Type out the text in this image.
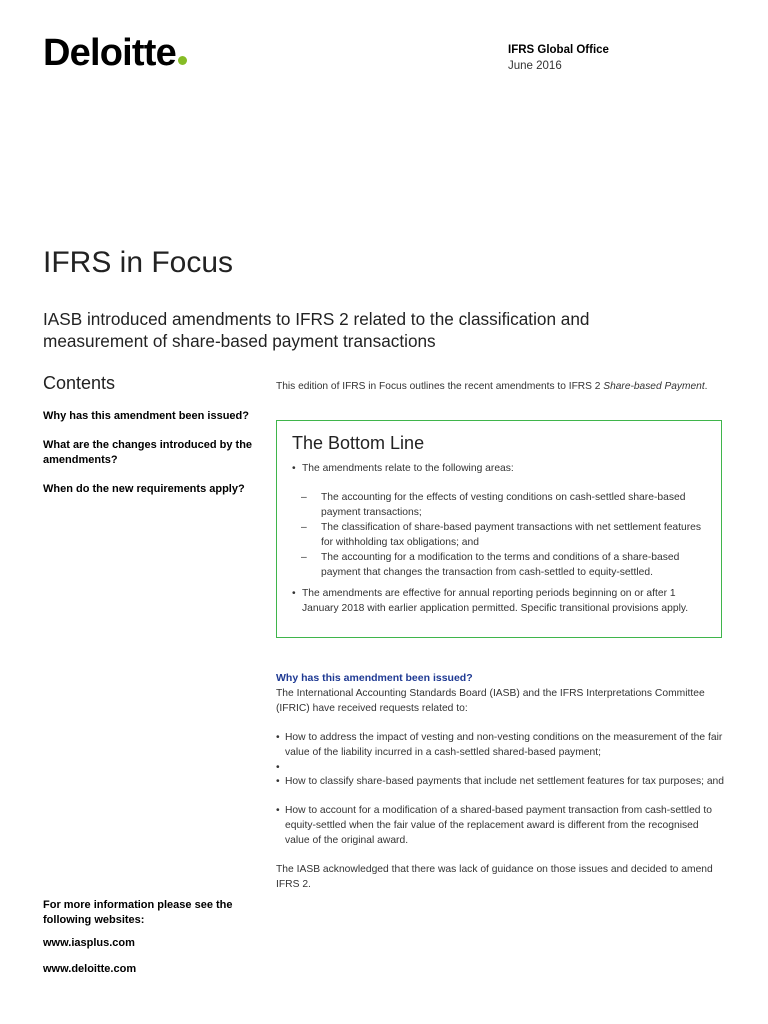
Deloitte	IFRS Global Office
June 2016
IFRS in Focus
IASB introduced amendments to IFRS 2 related to the classification and measurement of share-based payment transactions
Contents
Why has this amendment been issued?
What are the changes introduced by the amendments?
When do the new requirements apply?
This edition of IFRS in Focus outlines the recent amendments to IFRS 2 Share-based Payment.
The Bottom Line
• The amendments relate to the following areas:
– The accounting for the effects of vesting conditions on cash-settled share-based payment transactions;
– The classification of share-based payment transactions with net settlement features for withholding tax obligations; and
– The accounting for a modification to the terms and conditions of a share-based payment that changes the transaction from cash-settled to equity-settled.
• The amendments are effective for annual reporting periods beginning on or after 1 January 2018 with earlier application permitted. Specific transitional provisions apply.
Why has this amendment been issued?

The International Accounting Standards Board (IASB) and the IFRS Interpretations Committee (IFRIC) have received requests related to:

• How to address the impact of vesting and non-vesting conditions on the measurement of the fair value of the liability incurred in a cash-settled shared-based payment;
•
• How to classify share-based payments that include net settlement features for tax purposes; and
• How to account for a modification of a shared-based payment transaction from cash-settled to equity-settled when the fair value of the replacement award is different from the recognised value of the original award.

The IASB acknowledged that there was lack of guidance on those issues and decided to amend IFRS 2.

For more information please see the following websites:
www.iasplus.com
www.deloitte.com
